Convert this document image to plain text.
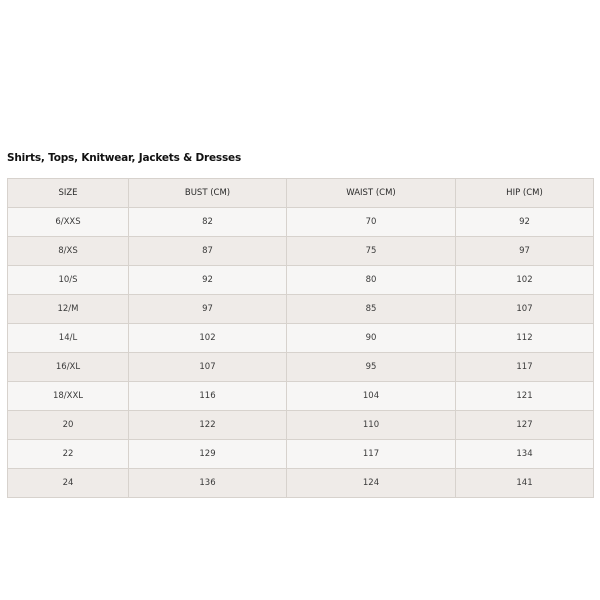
Shirts, Tops, Knitwear, Jackets & Dresses
SIZE	BUST (CM)	WAIST (CM)	HIP (CM)
6/XXS	82	70	92
8/XS	87	75	97
10/S	92	80	102
12/M	97	85	107
14/L	102	90	112
16/XL	107	95	117
18/XXL	116	104	121
20	122	110	127
22	129	117	134
24	136	124	141
